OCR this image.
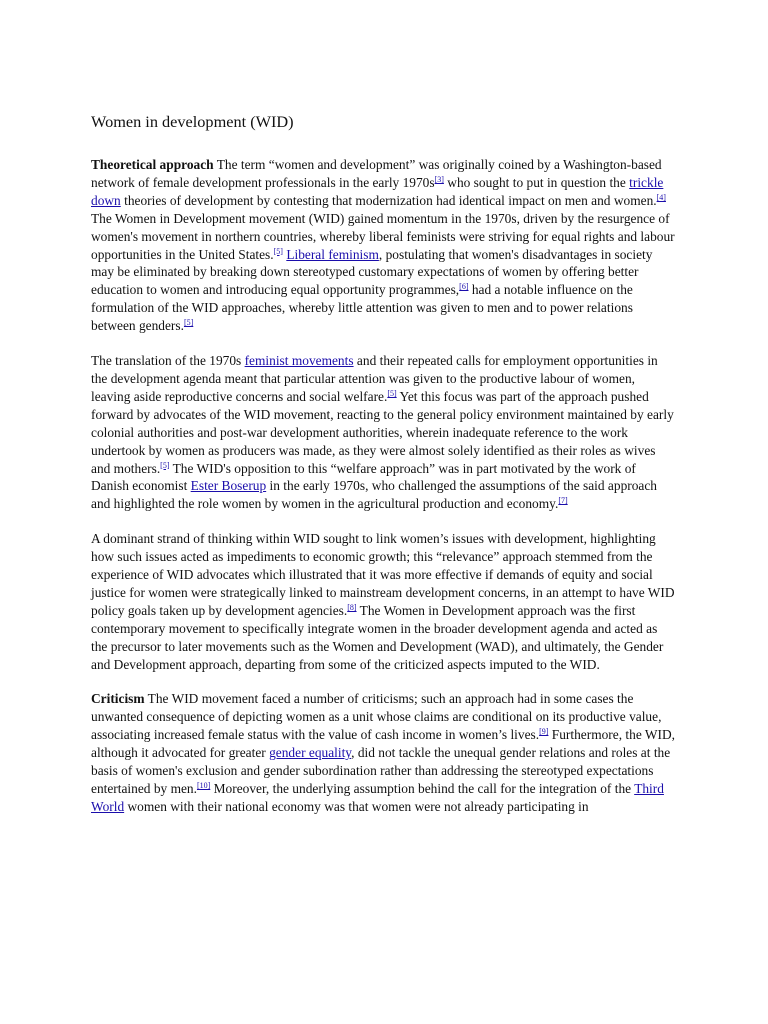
Women in development (WID)

Theoretical approach The term “women and development” was originally coined by a Washington-based network of female development professionals in the early 1970s[3] who sought to put in question the trickle down theories of development by contesting that modernization had identical impact on men and women.[4] The Women in Development movement (WID) gained momentum in the 1970s, driven by the resurgence of women's movement in northern countries, whereby liberal feminists were striving for equal rights and labour opportunities in the United States.[5] Liberal feminism, postulating that women's disadvantages in society may be eliminated by breaking down stereotyped customary expectations of women by offering better education to women and introducing equal opportunity programmes,[6] had a notable influence on the formulation of the WID approaches, whereby little attention was given to men and to power relations between genders.[5]

The translation of the 1970s feminist movements and their repeated calls for employment opportunities in the development agenda meant that particular attention was given to the productive labour of women, leaving aside reproductive concerns and social welfare.[5] Yet this focus was part of the approach pushed forward by advocates of the WID movement, reacting to the general policy environment maintained by early colonial authorities and post-war development authorities, wherein inadequate reference to the work undertook by women as producers was made, as they were almost solely identified as their roles as wives and mothers.[5] The WID's opposition to this “welfare approach” was in part motivated by the work of Danish economist Ester Boserup in the early 1970s, who challenged the assumptions of the said approach and highlighted the role women by women in the agricultural production and economy.[7]

A dominant strand of thinking within WID sought to link women’s issues with development, highlighting how such issues acted as impediments to economic growth; this “relevance” approach stemmed from the experience of WID advocates which illustrated that it was more effective if demands of equity and social justice for women were strategically linked to mainstream development concerns, in an attempt to have WID policy goals taken up by development agencies.[8] The Women in Development approach was the first contemporary movement to specifically integrate women in the broader development agenda and acted as the precursor to later movements such as the Women and Development (WAD), and ultimately, the Gender and Development approach, departing from some of the criticized aspects imputed to the WID.

Criticism The WID movement faced a number of criticisms; such an approach had in some cases the unwanted consequence of depicting women as a unit whose claims are conditional on its productive value, associating increased female status with the value of cash income in women’s lives.[9] Furthermore, the WID, although it advocated for greater gender equality, did not tackle the unequal gender relations and roles at the basis of women's exclusion and gender subordination rather than addressing the stereotyped expectations entertained by men.[10] Moreover, the underlying assumption behind the call for the integration of the Third World women with their national economy was that women were not already participating in
